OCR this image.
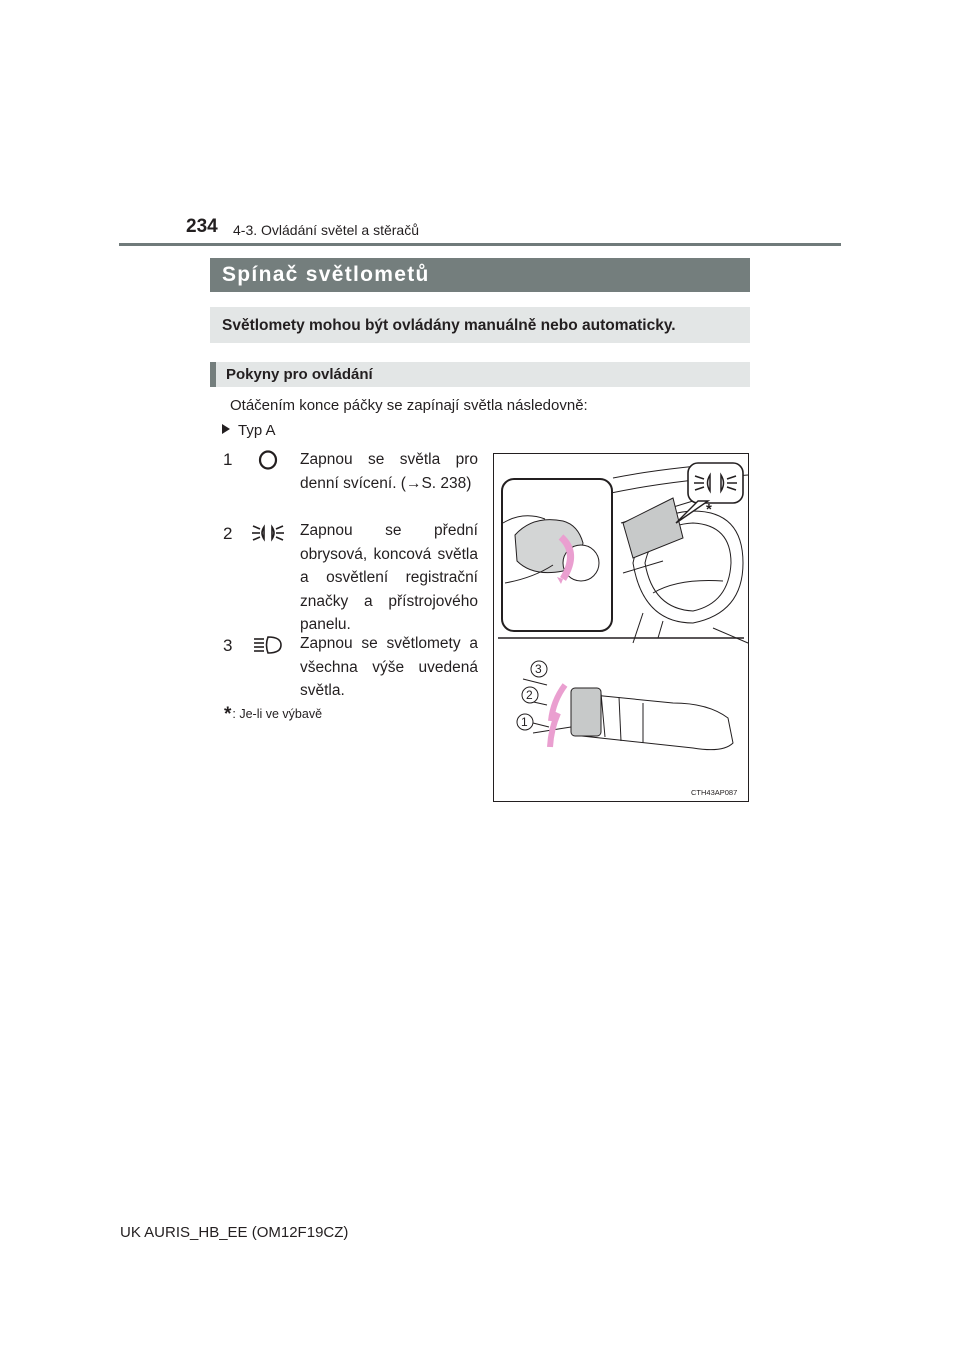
234 4-3. Ovládání světel a stěračů
Spínač světlometů
Světlomety mohou být ovládány manuálně nebo automaticky.
Pokyny pro ovládání
Otáčením konce páčky se zapínají světla následovně:
Typ A
1	Zapnou se světla pro denní svícení. (→S. 238)
2	Zapnou se přední obrysová, koncová světla a osvětlení registrační značky a přístrojového panelu.
3	Zapnou se světlomety a všechna výše uvedená světla.
*: Je-li ve výbavě
*
3
2
1
CTH43AP087
UK AURIS_HB_EE (OM12F19CZ)
